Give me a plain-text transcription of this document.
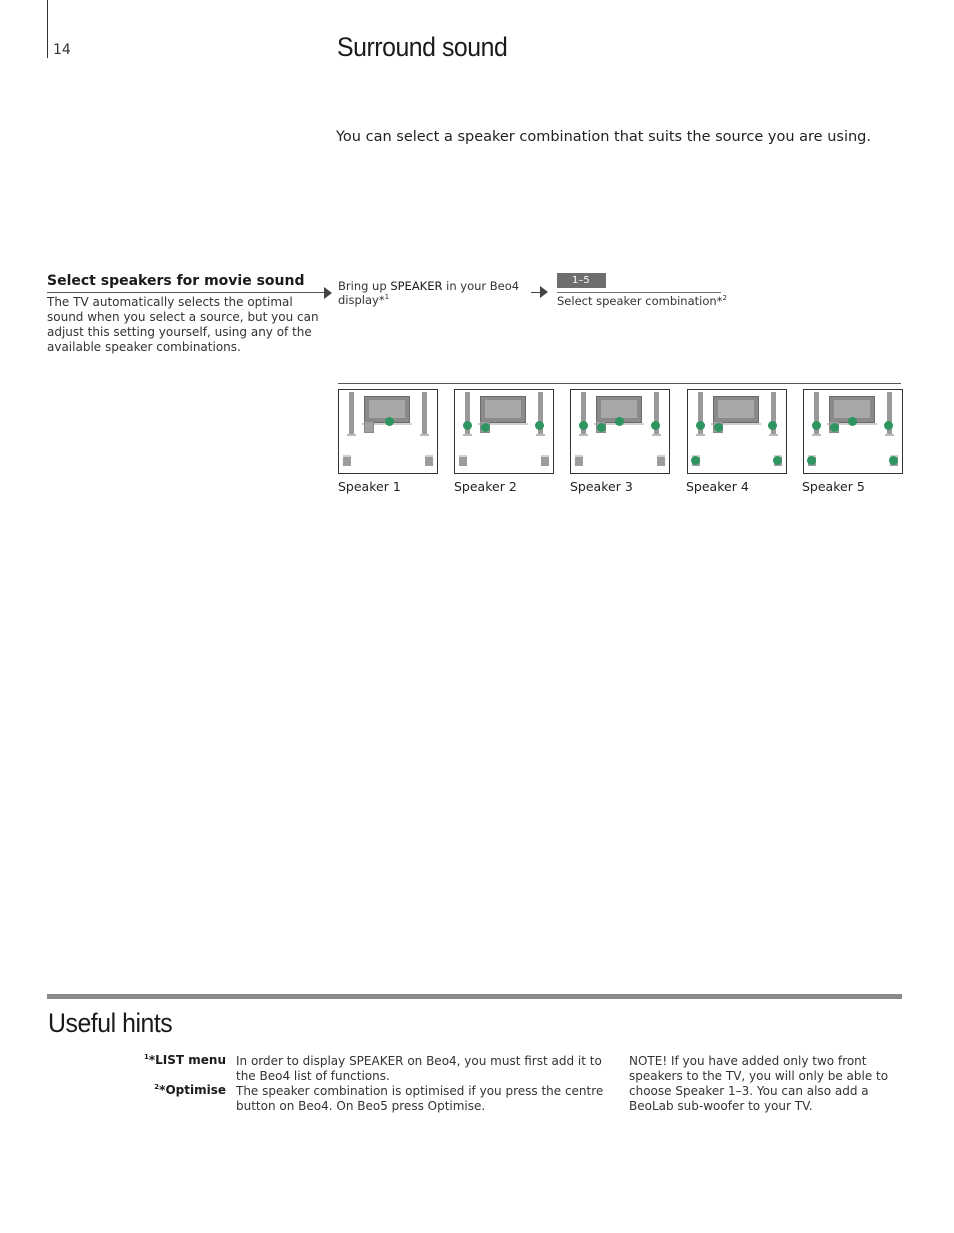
14	Surround sound
You can select a speaker combination that suits the source you are using.
Select speakers for movie sound
The TV automatically selects the optimal sound when you select a source, but you can adjust this setting yourself, using any of the available speaker combinations.
Bring up SPEAKER in your Beo4 display*$^1$
1–5
Select speaker combination*$^2$
Speaker 1	Speaker 2	Speaker 3	Speaker 4	Speaker 5
Useful hints
$^1$*LIST menu In order to display SPEAKER on Beo4, you must first add it to the Beo4 list of functions.
$^2$*Optimise The speaker combination is optimised if you press the centre button on Beo4. On Beo5 press Optimise.
NOTE! If you have added only two front speakers to the TV, you will only be able to choose Speaker 1–3. You can also add a BeoLab sub-woofer to your TV.
